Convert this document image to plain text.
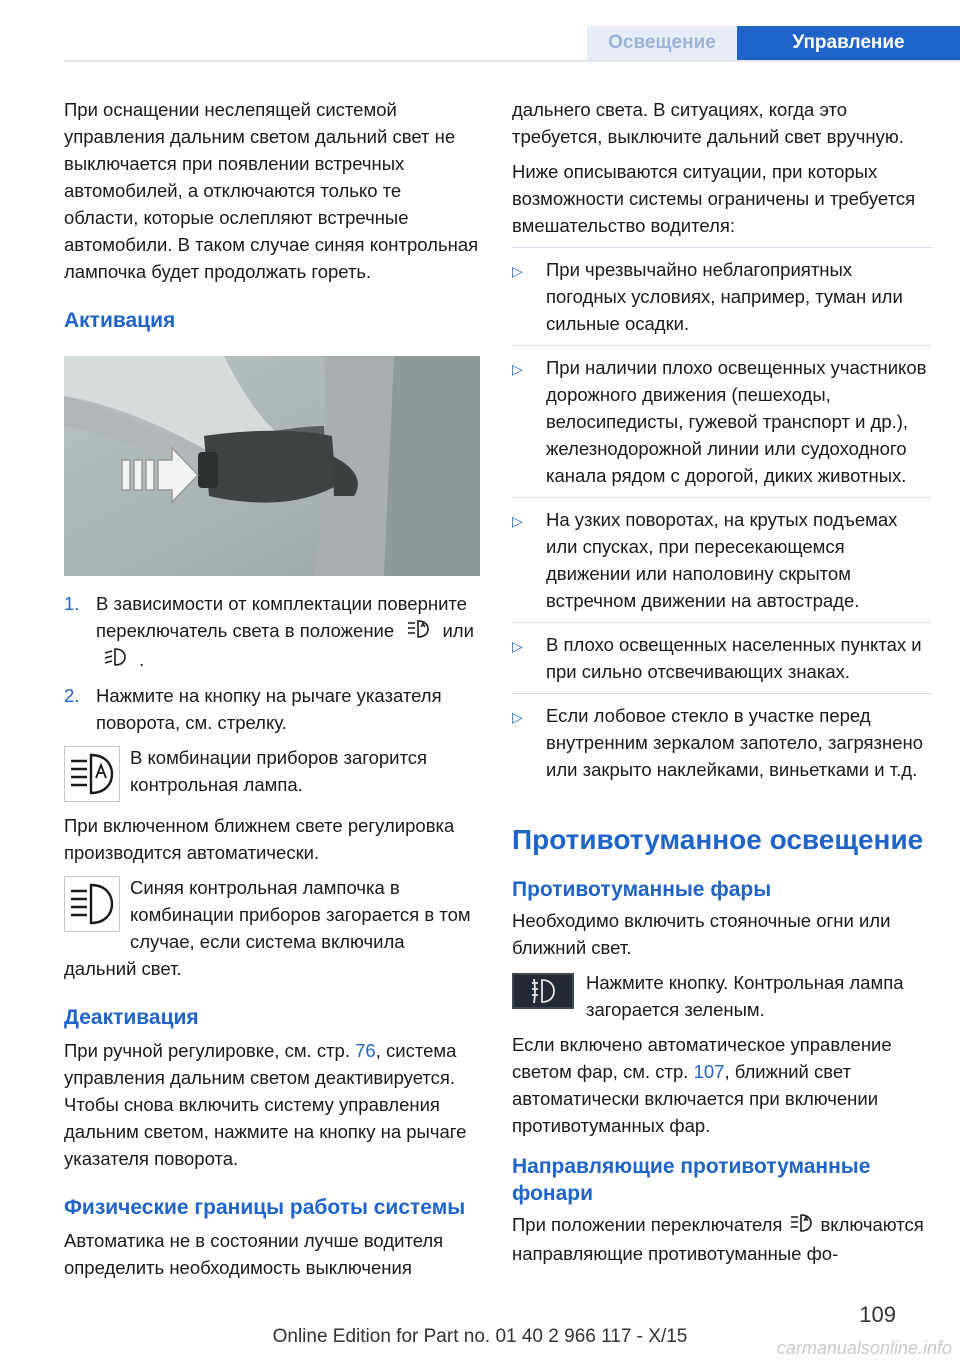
Освещение	Управление

При оснащении неслепящей системой управления дальним светом дальний свет не выключается при появлении встречных автомобилей, а отключаются только те области, которые ослепляют встречные автомобили. В таком случае синяя контрольная лампочка будет продолжать гореть.

Активация
1. В зависимости от комплектации поверните переключатель света в положение	или  .
2. Нажмите на кнопку на рычаге указателя поворота, см. стрелку.
В комбинации приборов загорится контрольная лампа.

При включенном ближнем свете регулировка производится автоматически.

Синяя контрольная лампочка в комбинации приборов загорается в том случае, если система включила дальний свет.
Деактивация

При ручной регулировке, см. стр. 76, система управления дальним светом деактивируется. Чтобы снова включить систему управления дальним светом, нажмите на кнопку на рычаге указателя поворота.

Физические границы работы системы

Автоматика не в состоянии лучше водителя определить необходимость выключения

дальнего света. В ситуациях, когда это требуется, выключите дальний свет вручную.

Ниже описываются ситуации, при которых возможности системы ограничены и требуется вмешательство водителя:

▷	При чрезвычайно неблагоприятных погодных условиях, например, туман или сильные осадки.
▷	При наличии плохо освещенных участников дорожного движения (пешеходы, велосипедисты, гужевой транспорт и др.), железнодорожной линии или судоходного канала рядом с дорогой, диких животных.
▷	На узких поворотах, на крутых подъемах или спусках, при пересекающемся движении или наполовину скрытом встречном движении на автостраде.
▷	В плохо освещенных населенных пунктах и при сильно отсвечивающих знаках.
▷	Если лобовое стекло в участке перед внутренним зеркалом запотело, загрязнено или закрыто наклейками, виньетками и т.д.
Противотуманное освещение
Противотуманные фары

Необходимо включить стояночные огни или ближний свет.

Нажмите кнопку. Контрольная лампа загорается зеленым.

Если включено автоматическое управление светом фар, см. стр. 107, ближний свет автоматически включается при включении противотуманных фар.

Направляющие противотуманные фонари

При положении переключателя включаются направляющие противотуманные фо-

109
Online Edition for Part no. 01 40 2 966 117 - X/15
carmanualsonline.info
